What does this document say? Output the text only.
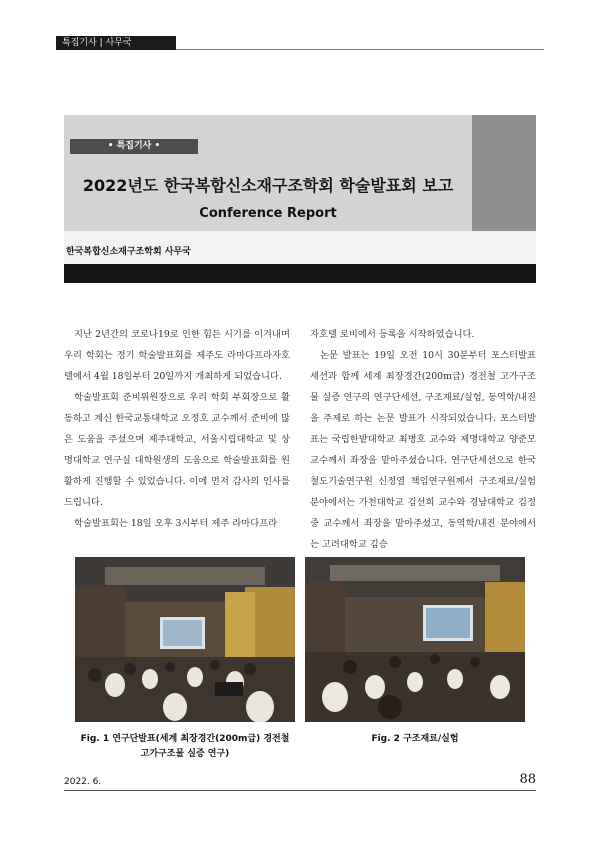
특집기사 | 사무국
• 특집기사 •
2022년도 한국복합신소재구조학회 학술발표회 보고
Conference Report
한국복합신소재구조학회 사무국

지난 2년간의 코로나19로 인한 힘든 시기를 이겨내며 우리 학회는 정기 학술발표회를 제주도 라마다프라자호텔에서 4월 18일부터 20일까지 개최하게 되었습니다.

학술발표회 준비위원장으로 우리 학회 부회장으로 활동하고 계신 한국교통대학교 오정호 교수께서 준비에 많은 도움을 주셨으며 제주대학교, 서울시립대학교 및 상명대학교 연구실 대학원생의 도움으로 학술발표회를 원활하게 진행할 수 있었습니다. 이에 먼저 감사의 인사를 드립니다.

학술발표회는 18일 오후 3시부터 제주 라마다프라

자호텔 로비에서 등록을 시작하였습니다.

논문 발표는 19일 오전 10시 30분부터 포스터발표 세션과 함께 세계 최장경간(200m급) 경전철 고가구조물 실증 연구의 연구단세션, 구조재료/실험, 동역학/내진을 주제로 하는 논문 발표가 시작되었습니다. 포스터발표는 국립한밭대학교 최병호 교수와 제명대학교 양준모 교수께서 좌장을 맡아주셨습니다. 연구단세션으로 한국철도기술연구원 신정열 책임연구원께서 구조재료/실험 분야에서는 가천대학교 김선희 교수와 경남대학교 김정중 교수께서 좌장을 맡아주셨고, 동역학/내진 분야에서는 고려대학교 김승

Fig. 1 연구단발표(세계 최장경간(200m급) 경전철
고가구조물 실증 연구)
Fig. 2 구조재료/실험
2022. 6.	88
